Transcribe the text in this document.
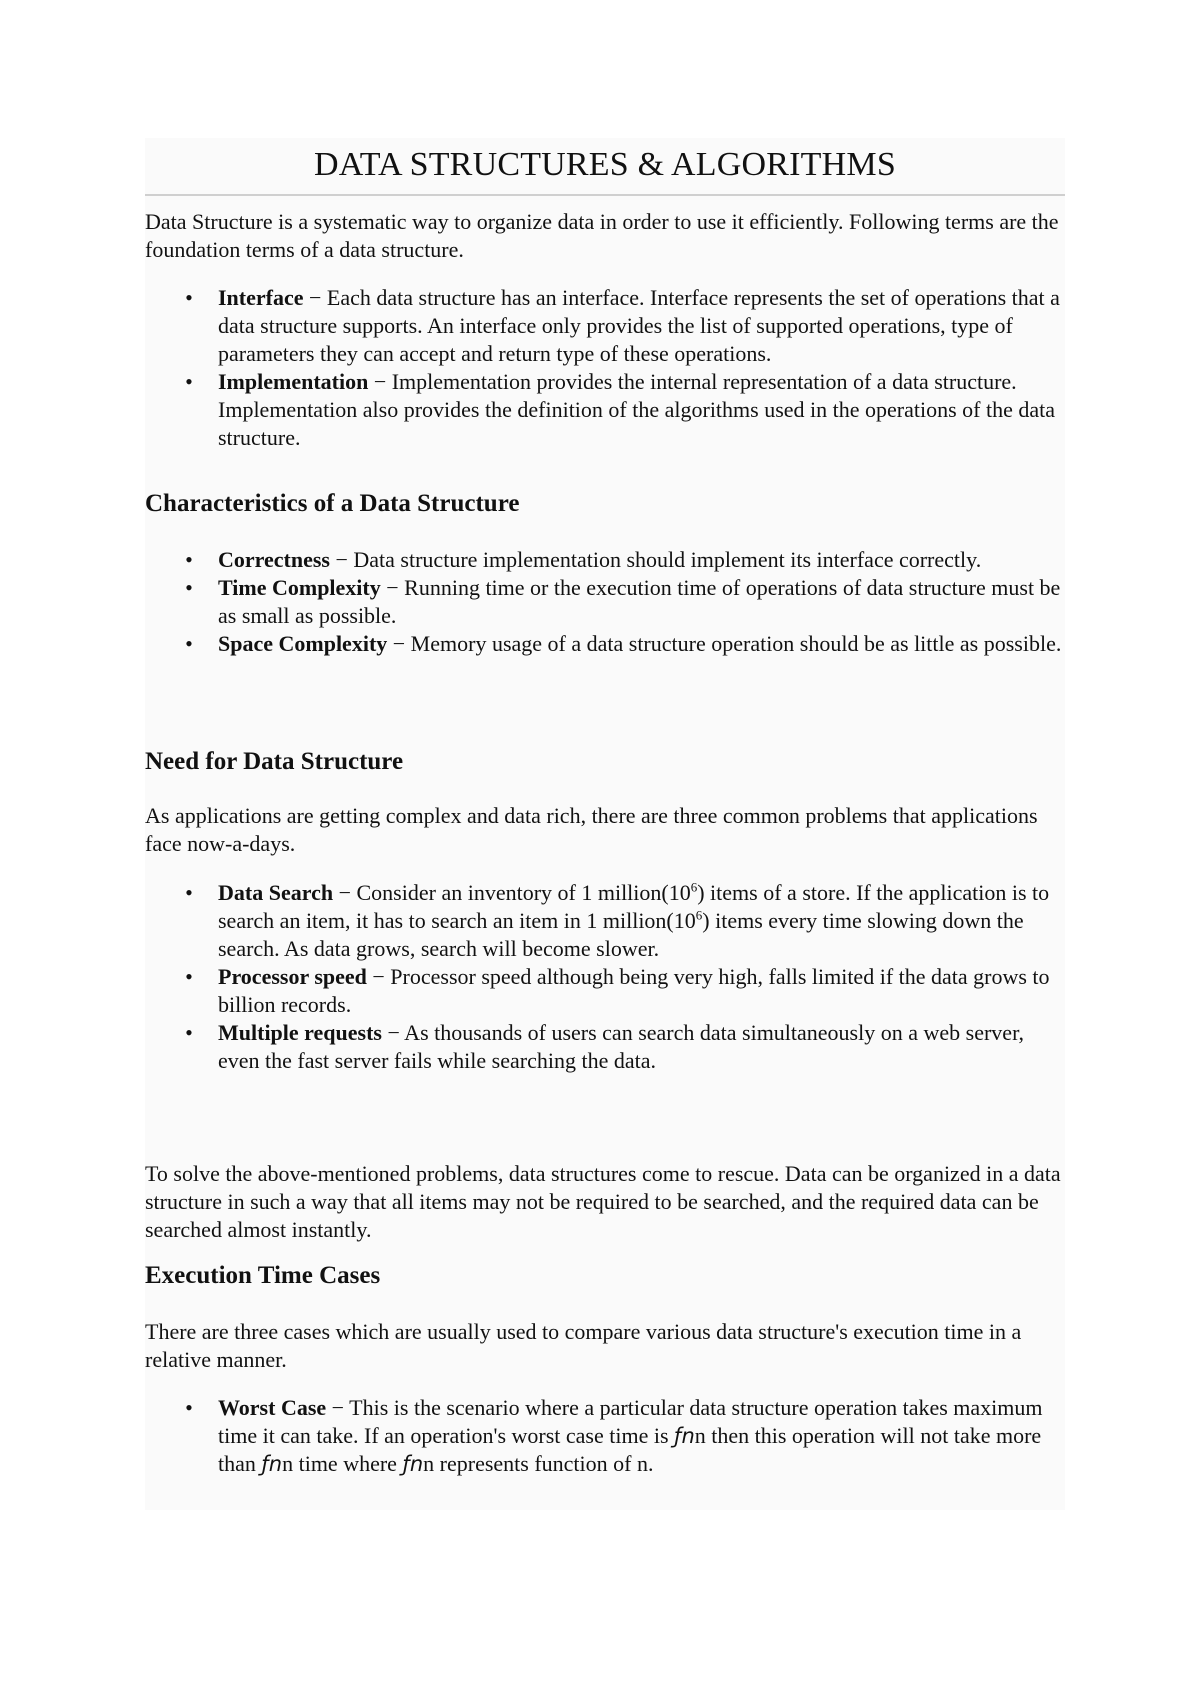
DATA STRUCTURES & ALGORITHMS

Data Structure is a systematic way to organize data in order to use it efficiently. Following terms are the foundation terms of a data structure.

• Interface − Each data structure has an interface. Interface represents the set of operations that a data structure supports. An interface only provides the list of supported operations, type of parameters they can accept and return type of these operations.
• Implementation − Implementation provides the internal representation of a data structure. Implementation also provides the definition of the algorithms used in the operations of the data structure.
Characteristics of a Data Structure
• Correctness − Data structure implementation should implement its interface correctly.
• Time Complexity − Running time or the execution time of operations of data structure must be as small as possible.
• Space Complexity − Memory usage of a data structure operation should be as little as possible.
Need for Data Structure

As applications are getting complex and data rich, there are three common problems that applications face now-a-days.

• Data Search − Consider an inventory of 1 $million(10^6)$ items of a store. If the application is to search an item, it has to search an item in 1 $million(10^6)$ items every time slowing down the search. As data grows, search will become slower.
• Processor speed − Processor speed although being very high, falls limited if the data grows to billion records.
• Multiple requests − As thousands of users can search data simultaneously on a web server, even the fast server fails while searching the data.

To solve the above-mentioned problems, data structures come to rescue. Data can be organized in a data structure in such a way that all items may not be required to be searched, and the required data can be searched almost instantly.

Execution Time Cases

There are three cases which are usually used to compare various data structure's execution time in a relative manner.

• Worst Case − This is the scenario where a particular data structure operation takes maximum time it can take. If an operation's worst case time is ƒnn then this operation will not take more than ƒnn time where ƒnn represents function of n.
